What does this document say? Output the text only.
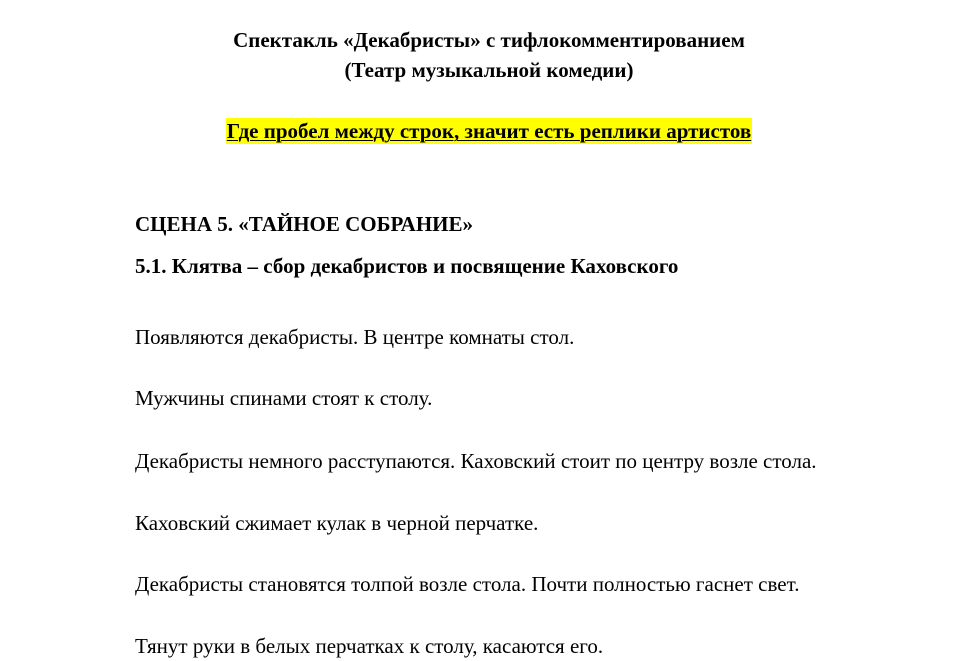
Спектакль «Декабристы» с тифлокомментированием
(Театр музыкальной комедии)
Где пробел между строк, значит есть реплики артистов
СЦЕНА 5. «ТАЙНОЕ СОБРАНИЕ»
5.1. Клятва – сбор декабристов и посвящение Каховского
Появляются декабристы. В центре комнаты стол.
Мужчины спинами стоят к столу.
Декабристы немного расступаются. Каховский стоит по центру возле стола.
Каховский сжимает кулак в черной перчатке.
Декабристы становятся толпой возле стола. Почти полностью гаснет свет.
Тянут руки в белых перчатках к столу, касаются его.
